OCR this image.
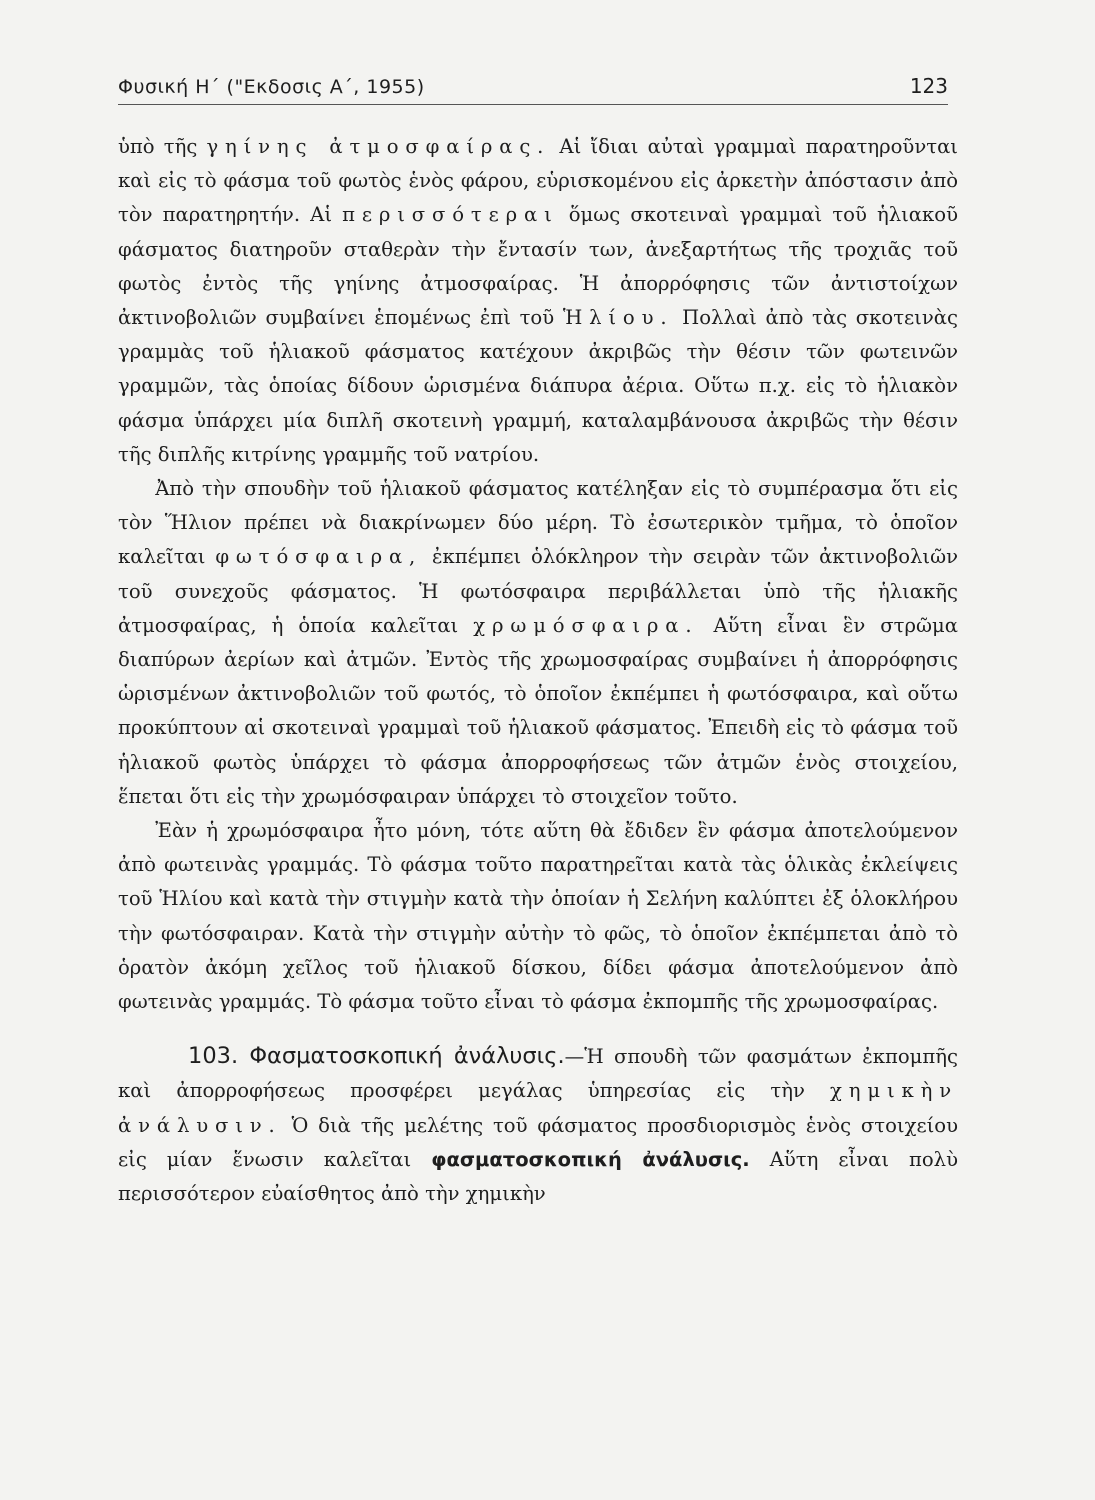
Φυσική Η΄ ("Εκδοσις Α΄, 1955)	123

ὑπὸ τῆς γηίνης ἀτμοσφαίρας. Αἱ ἴδιαι αὐταὶ γραμμαὶ παρατηροῦνται καὶ εἰς τὸ φάσμα τοῦ φωτὸς ἑνὸς φάρου, εὑρισκομένου εἰς ἀρκετὴν ἀπόστασιν ἀπὸ τὸν παρατηρητήν. Αἱ περισσότεραι ὅμως σκοτειναὶ γραμμαὶ τοῦ ἡλιακοῦ φάσματος διατηροῦν σταθερὰν τὴν ἔντασίν των, ἀνεξαρτήτως τῆς τροχιᾶς τοῦ φωτὸς ἐντὸς τῆς γηίνης ἀτμοσφαίρας. Ἡ ἀπορρόφησις τῶν ἀντιστοίχων ἀκτινοβολιῶν συμβαίνει ἑπομένως ἐπὶ τοῦ Ἡλίου. Πολλαὶ ἀπὸ τὰς σκοτεινὰς γραμμὰς τοῦ ἡλιακοῦ φάσματος κατέχουν ἀκριβῶς τὴν θέσιν τῶν φωτεινῶν γραμμῶν, τὰς ὁποίας δίδουν ὡρισμένα διάπυρα ἀέρια. Οὕτω π.χ. εἰς τὸ ἡλιακὸν φάσμα ὑπάρχει μία διπλῆ σκοτεινὴ γραμμή, καταλαμβάνουσα ἀκριβῶς τὴν θέσιν τῆς διπλῆς κιτρίνης γραμμῆς τοῦ νατρίου.

Ἀπὸ τὴν σπουδὴν τοῦ ἡλιακοῦ φάσματος κατέληξαν εἰς τὸ συμπέρασμα ὅτι εἰς τὸν Ἥλιον πρέπει νὰ διακρίνωμεν δύο μέρη. Τὸ ἐσωτερικὸν τμῆμα, τὸ ὁποῖον καλεῖται φωτόσφαιρα, ἐκπέμπει ὁλόκληρον τὴν σειρὰν τῶν ἀκτινοβολιῶν τοῦ συνεχοῦς φάσματος. Ἡ φωτόσφαιρα περιβάλλεται ὑπὸ τῆς ἡλιακῆς ἀτμοσφαίρας, ἡ ὁποία καλεῖται χρωμόσφαιρα. Αὕτη εἶναι ἓν στρῶμα διαπύρων ἀερίων καὶ ἀτμῶν. Ἐντὸς τῆς χρωμοσφαίρας συμβαίνει ἡ ἀπορρόφησις ὡρισμένων ἀκτινοβολιῶν τοῦ φωτός, τὸ ὁποῖον ἐκπέμπει ἡ φωτόσφαιρα, καὶ οὕτω προκύπτουν αἱ σκοτειναὶ γραμμαὶ τοῦ ἡλιακοῦ φάσματος. Ἐπειδὴ εἰς τὸ φάσμα τοῦ ἡλιακοῦ φωτὸς ὑπάρχει τὸ φάσμα ἀπορροφήσεως τῶν ἀτμῶν ἑνὸς στοιχείου, ἕπεται ὅτι εἰς τὴν χρωμόσφαιραν ὑπάρχει τὸ στοιχεῖον τοῦτο.

Ἐὰν ἡ χρωμόσφαιρα ἦτο μόνη, τότε αὕτη θὰ ἔδιδεν ἓν φάσμα ἀποτελούμενον ἀπὸ φωτεινὰς γραμμάς. Τὸ φάσμα τοῦτο παρατηρεῖται κατὰ τὰς ὁλικὰς ἐκλείψεις τοῦ Ἡλίου καὶ κατὰ τὴν στιγμὴν κατὰ τὴν ὁποίαν ἡ Σελήνη καλύπτει ἐξ ὁλοκλήρου τὴν φωτόσφαιραν. Κατὰ τὴν στιγμὴν αὐτὴν τὸ φῶς, τὸ ὁποῖον ἐκπέμπεται ἀπὸ τὸ ὁρατὸν ἀκόμη χεῖλος τοῦ ἡλιακοῦ δίσκου, δίδει φάσμα ἀποτελούμενον ἀπὸ φωτεινὰς γραμμάς. Τὸ φάσμα τοῦτο εἶναι τὸ φάσμα ἐκπομπῆς τῆς χρωμοσφαίρας.

103. Φασματοσκοπική ἀνάλυσις.—Ἡ σπουδὴ τῶν φασμάτων ἐκπομπῆς καὶ ἀπορροφήσεως προσφέρει μεγάλας ὑπηρεσίας εἰς τὴν χημικὴν ἀνάλυσιν. Ὁ διὰ τῆς μελέτης τοῦ φάσματος προσδιορισμὸς ἑνὸς στοιχείου εἰς μίαν ἕνωσιν καλεῖται φασματοσκοπική ἀνάλυσις. Αὕτη εἶναι πολὺ περισσότερον εὐαίσθητος ἀπὸ τὴν χημικὴν
